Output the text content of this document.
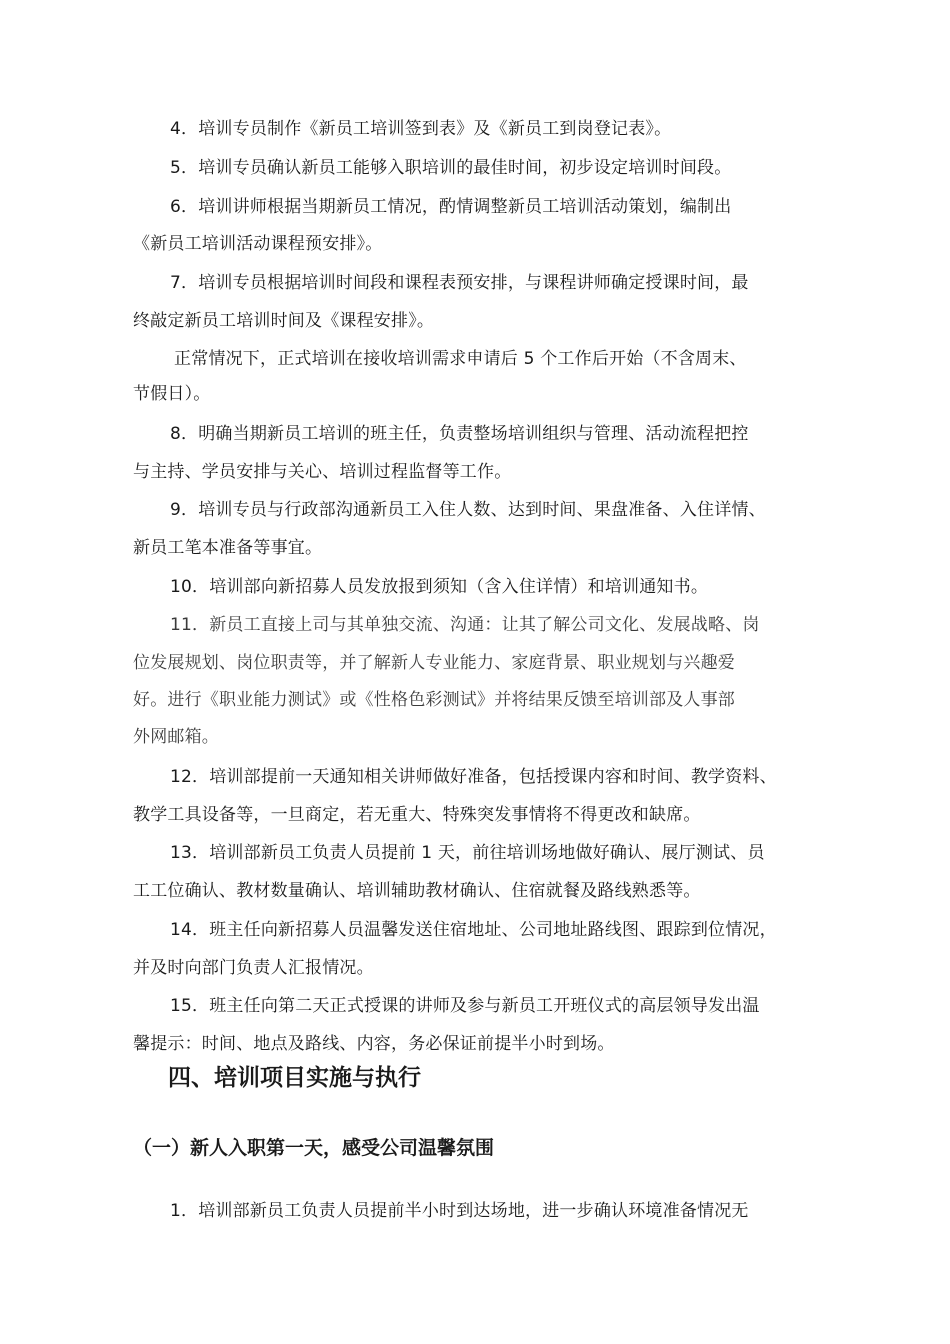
4．培训专员制作《新员工培训签到表》及《新员工到岗登记表》。
5．培训专员确认新员工能够入职培训的最佳时间，初步设定培训时间段。
6．培训讲师根据当期新员工情况，酌情调整新员工培训活动策划，编制出
《新员工培训活动课程预安排》。
7．培训专员根据培训时间段和课程表预安排，与课程讲师确定授课时间，最
终敲定新员工培训时间及《课程安排》。
正常情况下，正式培训在接收培训需求申请后 5 个工作后开始（不含周末、
节假日）。
8．明确当期新员工培训的班主任，负责整场培训组织与管理、活动流程把控
与主持、学员安排与关心、培训过程监督等工作。
9．培训专员与行政部沟通新员工入住人数、达到时间、果盘准备、入住详情、
新员工笔本准备等事宜。
10．培训部向新招募人员发放报到须知（含入住详情）和培训通知书。
11．新员工直接上司与其单独交流、沟通：让其了解公司文化、发展战略、岗
位发展规划、岗位职责等，并了解新人专业能力、家庭背景、职业规划与兴趣爱
好。进行《职业能力测试》或《性格色彩测试》并将结果反馈至培训部及人事部
外网邮箱。
12．培训部提前一天通知相关讲师做好准备，包括授课内容和时间、教学资料、
教学工具设备等，一旦商定，若无重大、特殊突发事情将不得更改和缺席。
13．培训部新员工负责人员提前 1 天，前往培训场地做好确认、展厅测试、员
工工位确认、教材数量确认、培训辅助教材确认、住宿就餐及路线熟悉等。
14．班主任向新招募人员温馨发送住宿地址、公司地址路线图、跟踪到位情况，
并及时向部门负责人汇报情况。
15．班主任向第二天正式授课的讲师及参与新员工开班仪式的高层领导发出温
馨提示：时间、地点及路线、内容，务必保证前提半小时到场。
四、培训项目实施与执行
（一）新人入职第一天，感受公司温馨氛围
1．培训部新员工负责人员提前半小时到达场地，进一步确认环境准备情况无
